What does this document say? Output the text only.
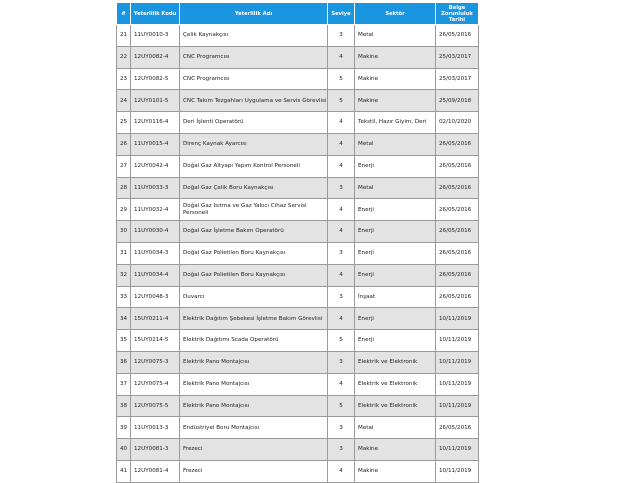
#	Yeterlilik Kodu	Yeterlilik Adı	Seviye	Sektör	Belge Zorunluluk Tarihi
21	11UY0010-3	Çelik Kaynakçısı	3	Metal	26/05/2016
22	12UY0082-4	CNC Programcısı	4	Makine	25/03/2017
23	12UY0082-5	CNC Programcısı	5	Makine	25/03/2017
24	12UY0101-5	CNC Takım Tezgahları Uygulama ve Servis Görevlisi	5	Makine	25/09/2018
25	12UY0116-4	Deri İşlenti Operatörü	4	Tekstil, Hazır Giyim, Deri	02/10/2020
26	11UY0015-4	Direnç Kaynak Ayarcısı	4	Metal	26/05/2016
27	12UY0042-4	Doğal Gaz Altyapı Yapım Kontrol Personeli	4	Enerji	26/05/2016
28	11UY0033-3	Doğal Gaz Çelik Boru Kaynakçısı	3	Metal	26/05/2016
29	11UY0032-4	Doğal Gaz Isıtma ve Gaz Yakıcı Cihaz Servisi Personeli	4	Enerji	26/05/2016
30	11UY0030-4	Doğal Gaz İşletme Bakım Operatörü	4	Enerji	26/05/2016
31	11UY0034-3	Doğal Gaz Polietilen Boru Kaynakçısı	3	Enerji	26/05/2016
32	11UY0034-4	Doğal Gaz Polietilen Boru Kaynakçısı	4	Enerji	26/05/2016
33	12UY0048-3	Duvarcı	3	İnşaat	26/05/2016
34	15UY0211-4	Elektrik Dağıtım Şebekesi İşletme Bakım Görevlisi	4	Enerji	10/11/2019
35	15UY0214-5	Elektrik Dağıtımı Scada Operatörü	5	Enerji	10/11/2019
36	12UY0075-3	Elektrik Pano Montajcısı	3	Elektrik ve Elektronik	10/11/2019
37	12UY0075-4	Elektrik Pano Montajcısı	4	Elektrik ve Elektronik	10/11/2019
38	12UY0075-5	Elektrik Pano Montajcısı	5	Elektrik ve Elektronik	10/11/2019
39	11UY0013-3	Endüstriyel Boru Montajcısı	3	Metal	26/05/2016
40	12UY0081-3	Frezeci	3	Makine	10/11/2019
41	12UY0081-4	Frezeci	4	Makine	10/11/2019
